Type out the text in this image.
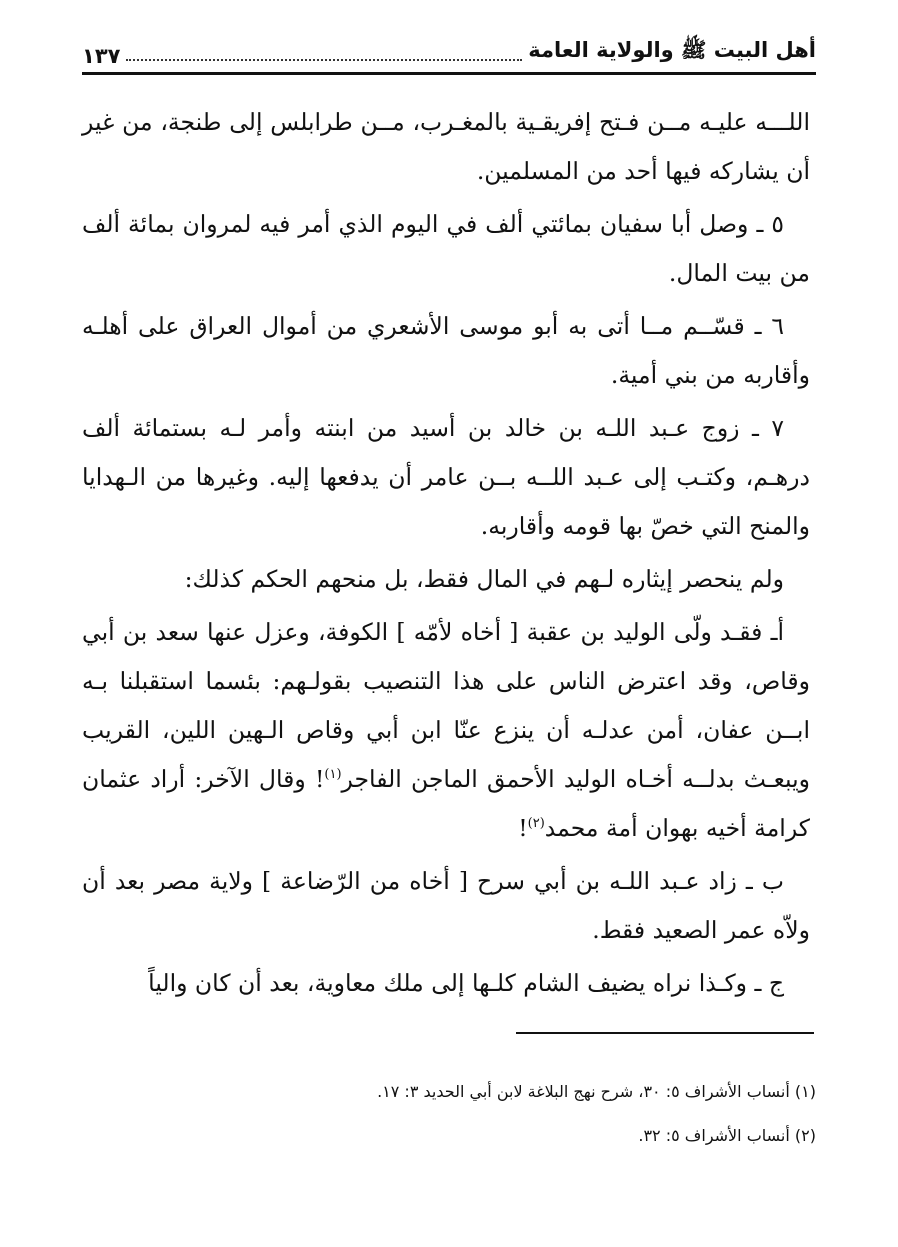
أهل البيت ﷺ والولاية العامة
١٣٧

اللـــه عليـه مــن فـتح إفريقـية بالمغـرب، مــن طرابلس إلى طنجة، من غير أن يشاركه فيها أحد من المسلمين.

٥ ـ وصل أبا سفيان بمائتي ألف في اليوم الذي أمر فيه لمروان بمائة ألف من بيت المال.

٦ ـ قسّــم مــا أتى به أبو موسى الأشعري من أموال العراق على أهلـه وأقاربه من بني أمية.

٧ ـ زوج عـبد اللـه بن خالد بن أسيد من ابنته وأمر لـه بستمائة ألف درهـم، وكتـب إلى عـبد اللــه بــن عامر أن يدفعها إليه. وغيرها من الـهدايا والمنح التي خصّ بها قومه وأقاربه.

ولم ينحصر إيثاره لـهم في المال فقط، بل منحهم الحكم كذلك:

أـ فقـد ولّى الوليد بن عقبة [ أخاه لأمّه ] الكوفة، وعزل عنها سعد بن أبي وقاص، وقد اعترض الناس على هذا التنصيب بقولـهم: بئسما استقبلنا بـه ابــن عفان، أمن عدلـه أن ينزع عنّا ابن أبي وقاص الـهين اللين، القريب ويبعـث بدلــه أخـاه الوليد الأحمق الماجن الفاجر$^{(١)}$! وقال الآخر: أراد عثمان كرامة أخيه بهوان أمة محمد$^{(٢)}$!

ب ـ زاد عـبد اللـه بن أبي سرح [ أخاه من الرّضاعة ] ولاية مصر بعد أن ولاّه عمر الصعيد فقط.

ج ـ وكـذا نراه يضيف الشام كلـها إلى ملك معاوية، بعد أن كان والياً

(١) أنساب الأشراف ٥: ٣٠، شرح نهج البلاغة لابن أبي الحديد ٣: ١٧.
(٢) أنساب الأشراف ٥: ٣٢.
